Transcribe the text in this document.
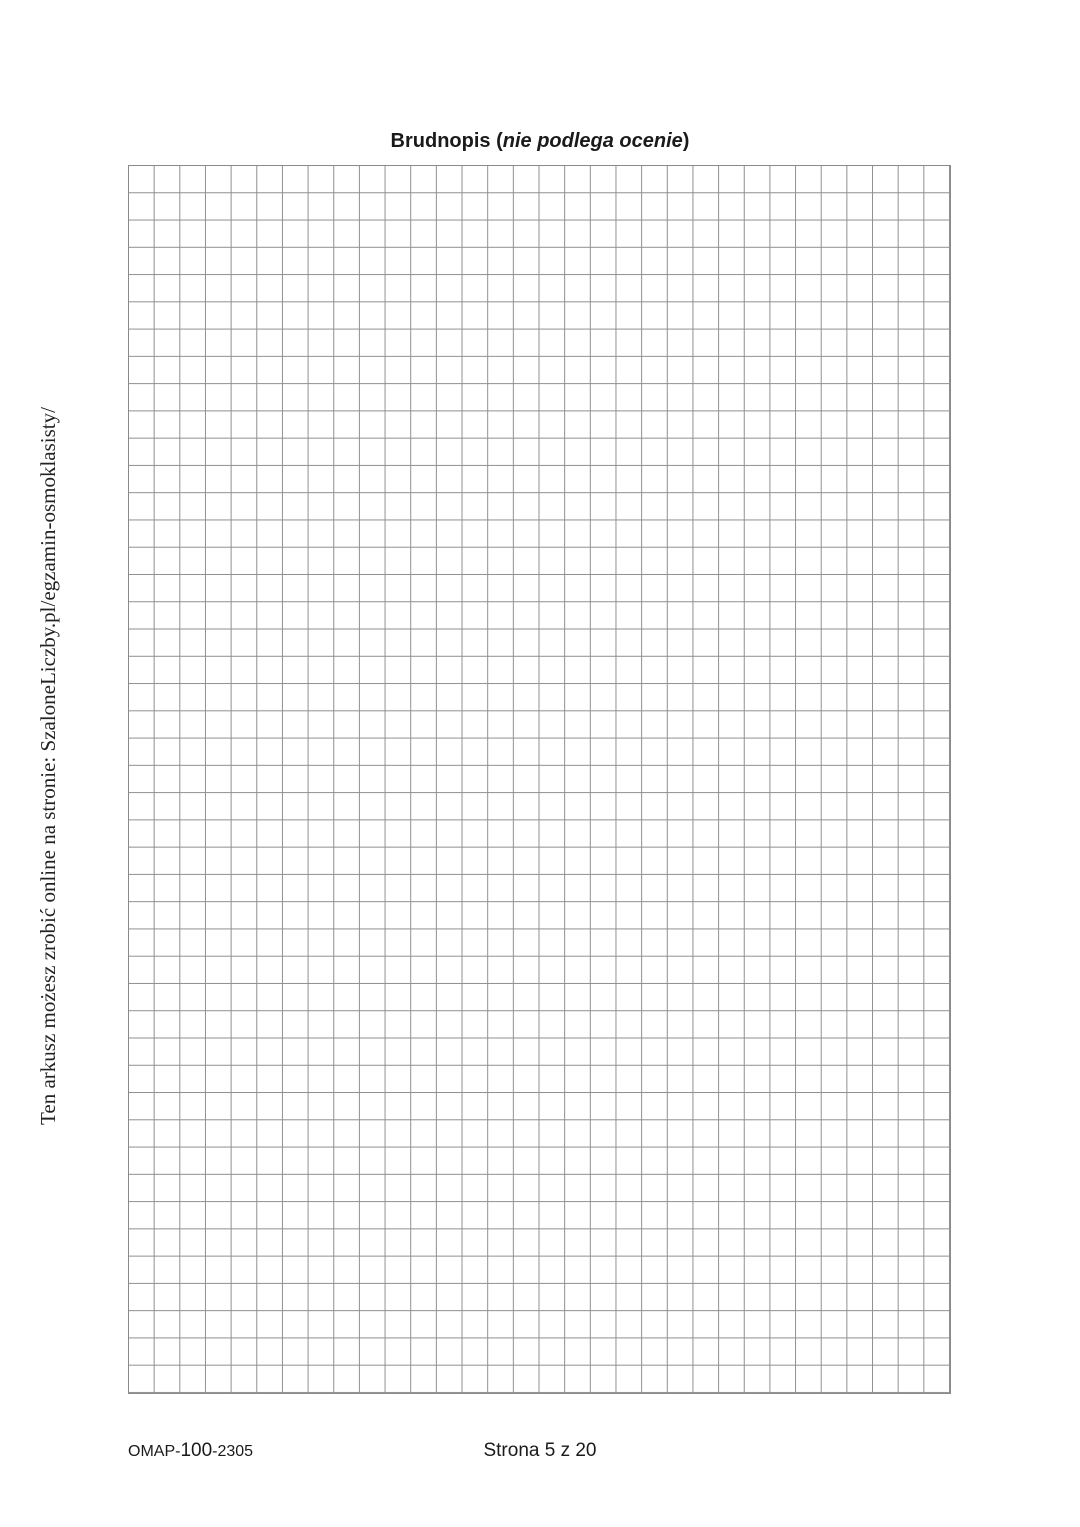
Brudnopis (nie podlega ocenie)
Ten arkusz możesz zrobić online na stronie: SzaloneLiczby.pl/egzamin-osmoklasisty/
OMAP-100-2305	Strona 5 z 20
